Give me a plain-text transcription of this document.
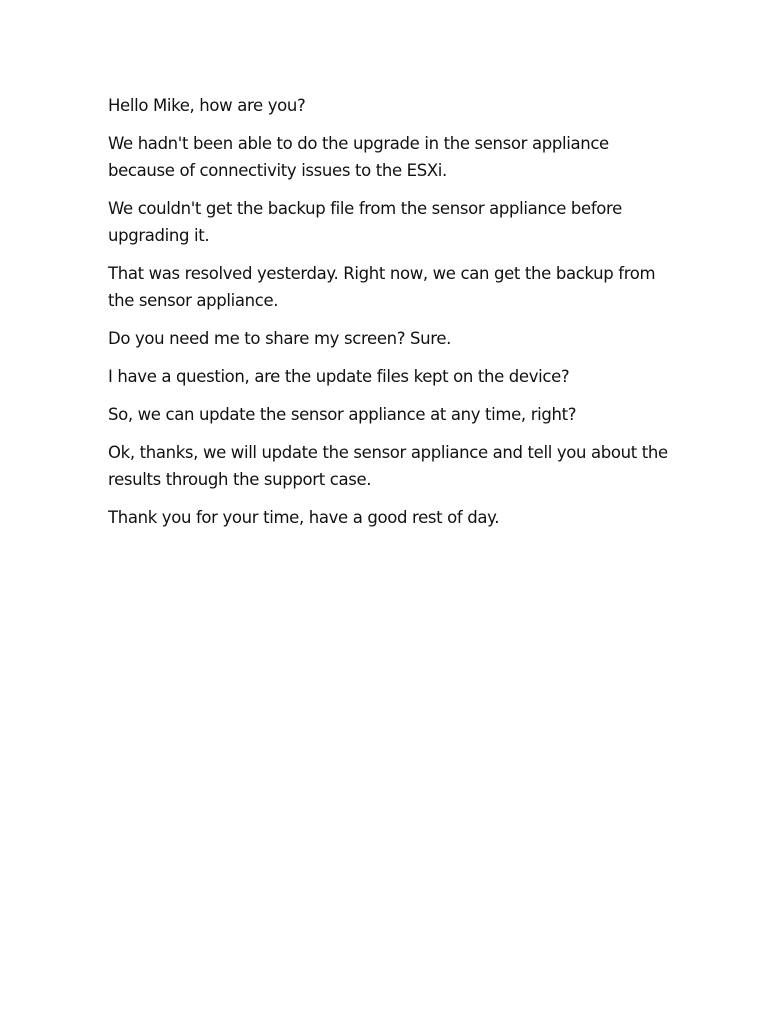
Hello Mike, how are you?

We hadn't been able to do the upgrade in the sensor appliance because of connectivity issues to the ESXi.

We couldn't get the backup file from the sensor appliance before upgrading it.

That was resolved yesterday. Right now, we can get the backup from the sensor appliance.

Do you need me to share my screen? Sure.

I have a question, are the update files kept on the device?

So, we can update the sensor appliance at any time, right?

Ok, thanks, we will update the sensor appliance and tell you about the results through the support case.

Thank you for your time, have a good rest of day.
